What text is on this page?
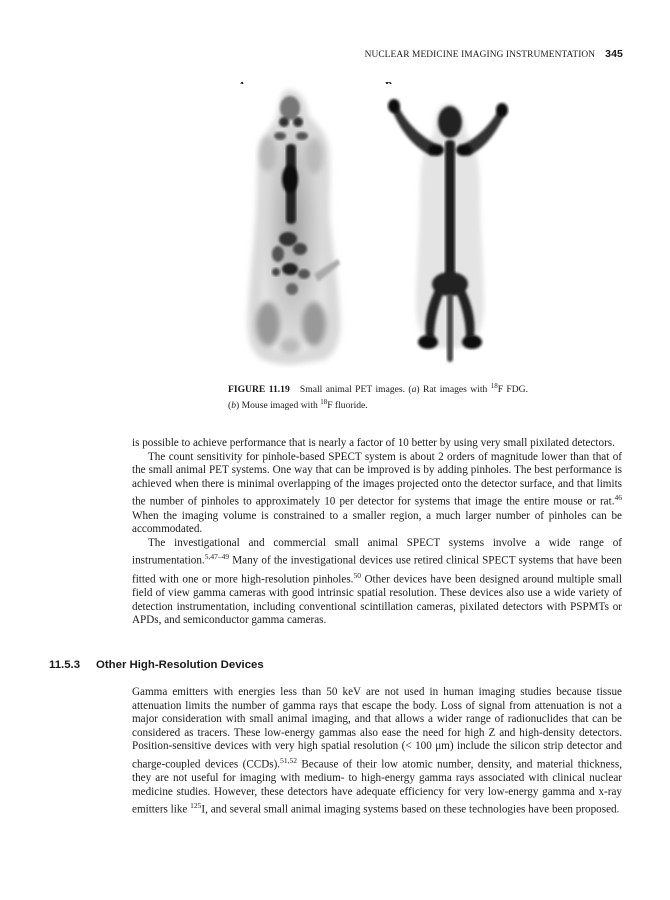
NUCLEAR MEDICINE IMAGING INSTRUMENTATION 345
FIGURE 11.19 Small animal PET images. (a) Rat images with $^{18}$F FDG. (b) Mouse imaged with $^{18}$F fluoride.

is possible to achieve performance that is nearly a factor of 10 better by using very small pixilated detectors.

The count sensitivity for pinhole-based SPECT system is about 2 orders of magnitude lower than that of the small animal PET systems. One way that can be improved is by adding pinholes. The best performance is achieved when there is minimal overlapping of the images projected onto the detector surface, and that limits the number of pinholes to approximately 10 per detector for systems that image the entire mouse or rat.$^{46}$ When the imaging volume is constrained to a smaller region, a much larger number of pinholes can be accommodated.

The investigational and commercial small animal SPECT systems involve a wide range of instrumentation.$^{5,47-49}$ Many of the investigational devices use retired clinical SPECT systems that have been fitted with one or more high-resolution pinholes.$^{50}$ Other devices have been designed around multiple small field of view gamma cameras with good intrinsic spatial resolution. These devices also use a wide variety of detection instrumentation, including conventional scintillation cameras, pixilated detectors with PSPMTs or APDs, and semiconductor gamma cameras.

11.5.3 Other High-Resolution Devices

Gamma emitters with energies less than 50 keV are not used in human imaging studies because tissue attenuation limits the number of gamma rays that escape the body. Loss of signal from attenuation is not a major consideration with small animal imaging, and that allows a wider range of radionuclides that can be considered as tracers. These low-energy gammas also ease the need for high Z and high-density detectors. Position-sensitive devices with very high spatial resolution (< 100 μm) include the silicon strip detector and charge-coupled devices (CCDs).$^{51,52}$ Because of their low atomic number, density, and material thickness, they are not useful for imaging with medium- to high-energy gamma rays associated with clinical nuclear medicine studies. However, these detectors have adequate efficiency for very low-energy gamma and x-ray emitters like $^{125}$I, and several small animal imaging systems based on these technologies have been proposed.
